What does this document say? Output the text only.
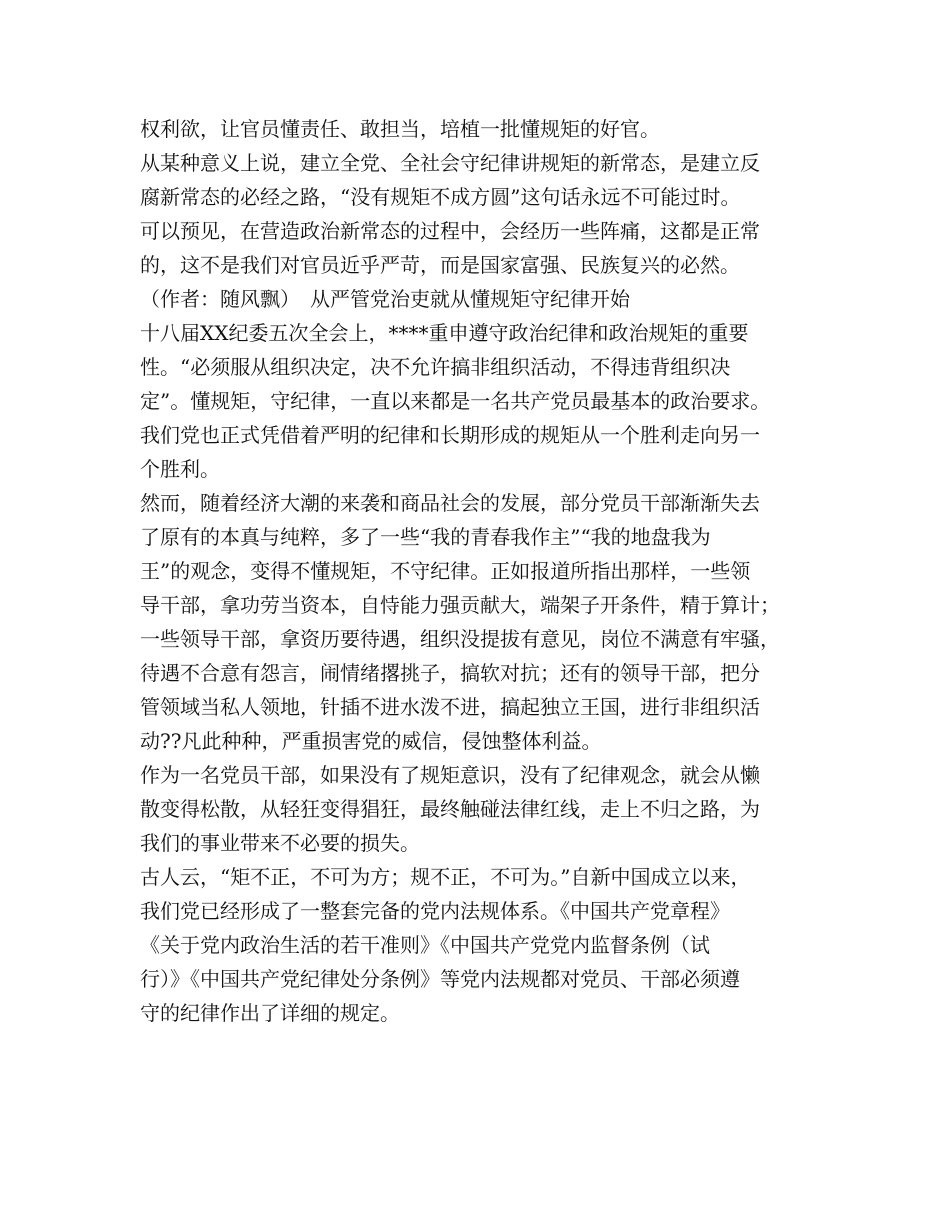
权利欲，让官员懂责任、敢担当，培植一批懂规矩的好官。
从某种意义上说，建立全党、全社会守纪律讲规矩的新常态，是建立反
腐新常态的必经之路，“没有规矩不成方圆”这句话永远不可能过时。
可以预见，在营造政治新常态的过程中，会经历一些阵痛，这都是正常
的，这不是我们对官员近乎严苛，而是国家富强、民族复兴的必然。
（作者：随风飘）　从严管党治吏就从懂规矩守纪律开始
十八届XX纪委五次全会上，****重申遵守政治纪律和政治规矩的重要
性。“必须服从组织决定，决不允许搞非组织活动，不得违背组织决
定”。懂规矩，守纪律，一直以来都是一名共产党员最基本的政治要求。
我们党也正式凭借着严明的纪律和长期形成的规矩从一个胜利走向另一
个胜利。
然而，随着经济大潮的来袭和商品社会的发展，部分党员干部渐渐失去
了原有的本真与纯粹，多了一些“我的青春我作主”“我的地盘我为
王”的观念，变得不懂规矩，不守纪律。正如报道所指出那样，一些领
导干部，拿功劳当资本，自恃能力强贡献大，端架子开条件，精于算计；
一些领导干部，拿资历要待遇，组织没提拔有意见，岗位不满意有牢骚，
待遇不合意有怨言，闹情绪撂挑子，搞软对抗；还有的领导干部，把分
管领域当私人领地，针插不进水泼不进，搞起独立王国，进行非组织活
动??凡此种种，严重损害党的威信，侵蚀整体利益。
作为一名党员干部，如果没有了规矩意识，没有了纪律观念，就会从懒
散变得松散，从轻狂变得猖狂，最终触碰法律红线，走上不归之路，为
我们的事业带来不必要的损失。
古人云，“矩不正，不可为方；规不正，不可为。”自新中国成立以来，
我们党已经形成了一整套完备的党内法规体系。《中国共产党章程》
《关于党内政治生活的若干准则》《中国共产党党内监督条例（试
行）》《中国共产党纪律处分条例》等党内法规都对党员、干部必须遵
守的纪律作出了详细的规定。
